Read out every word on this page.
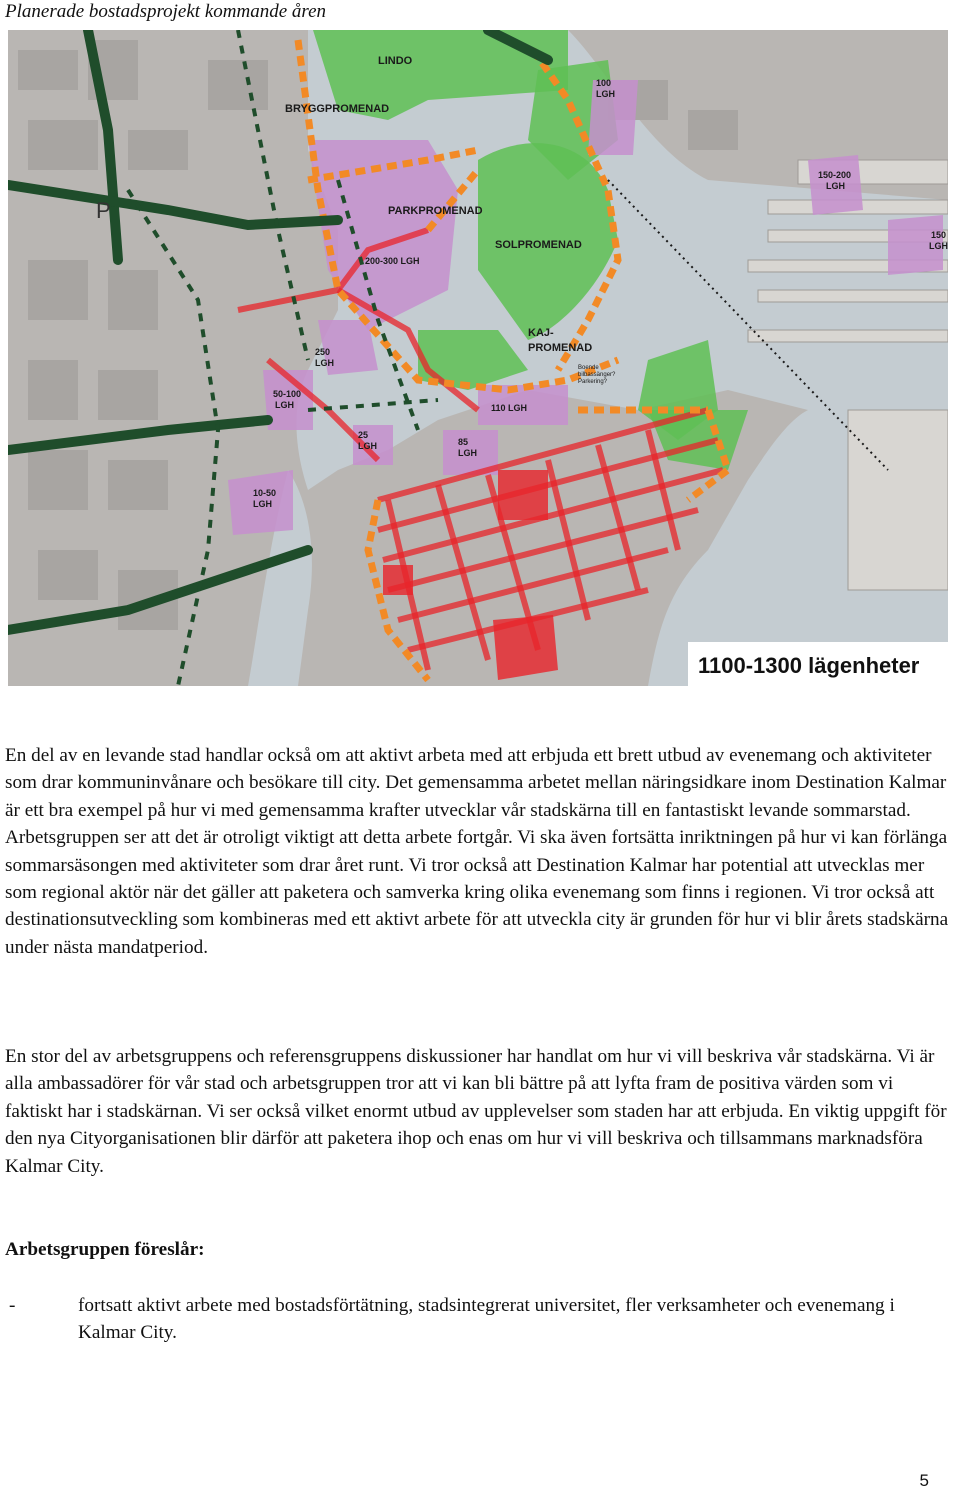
Planerade bostadsprojekt kommande åren

LINDO
BRYGGPROMENAD
PARKPROMENAD
SOLPROMENAD
KAJ-
PROMENAD
P
Boende
bilbassänger?
Parkering?
100
LGH
150-200
LGH
150
LGH
200-300 LGH
250
LGH
50-100
LGH	110 LGH
25
LGH	85
LGH
10-50
LGH
1100-1300 lägenheter

En del av en levande stad handlar också om att aktivt arbeta med att erbjuda ett brett utbud av evenemang och aktiviteter som drar kommuninvånare och besökare till city. Det gemensamma arbetet mellan näringsidkare inom Destination Kalmar är ett bra exempel på hur vi med gemensamma krafter utvecklar vår stadskärna till en fantastiskt levande sommarstad. Arbetsgruppen ser att det är otroligt viktigt att detta arbete fortgår. Vi ska även fortsätta inriktningen på hur vi kan förlänga sommarsäsongen med aktiviteter som drar året runt. Vi tror också att Destination Kalmar har potential att utvecklas mer som regional aktör när det gäller att paketera och samverka kring olika evenemang som finns i regionen. Vi tror också att destinationsutveckling som kombineras med ett aktivt arbete för att utveckla city är grunden för hur vi blir årets stadskärna under nästa mandatperiod.

En stor del av arbetsgruppens och referensgruppens diskussioner har handlat om hur vi vill beskriva vår stadskärna. Vi är alla ambassadörer för vår stad och arbetsgruppen tror att vi kan bli bättre på att lyfta fram de positiva värden som vi faktiskt har i stadskärnan. Vi ser också vilket enormt utbud av upplevelser som staden har att erbjuda. En viktig uppgift för den nya Cityorganisationen blir därför att paketera ihop och enas om hur vi vill beskriva och tillsammans marknadsföra Kalmar City.

Arbetsgruppen föreslår:

-	fortsatt aktivt arbete med bostadsförtätning, stadsintegrerat universitet, fler verksamheter och evenemang i Kalmar City.

5
